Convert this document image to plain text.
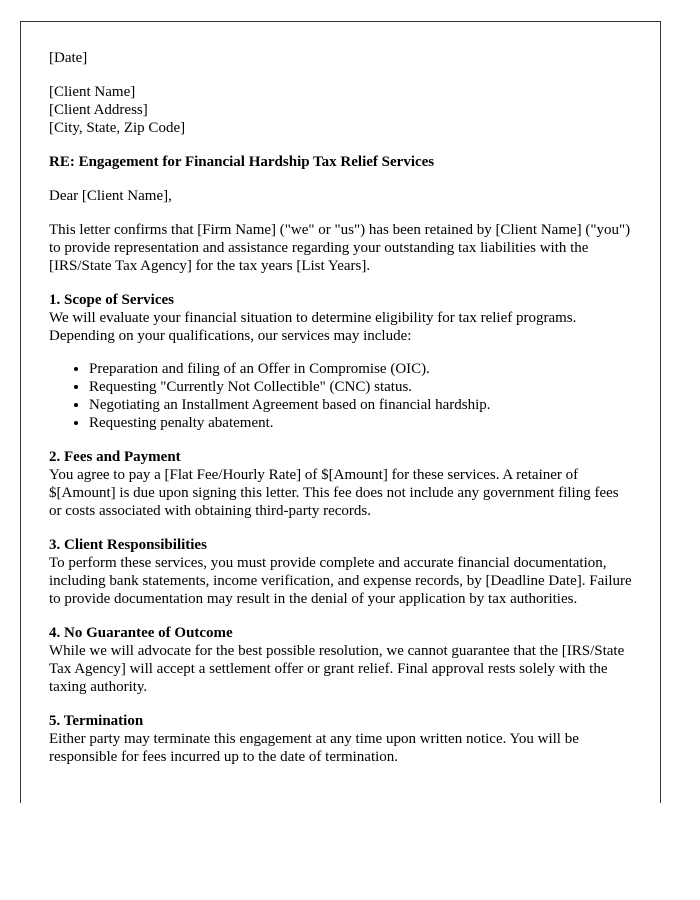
[Date]
[Client Name]
[Client Address]
[City, State, Zip Code]
RE: Engagement for Financial Hardship Tax Relief Services
Dear [Client Name],
This letter confirms that [Firm Name] ("we" or "us") has been retained by [Client Name] ("you") to provide representation and assistance regarding your outstanding tax liabilities with the [IRS/State Tax Agency] for the tax years [List Years].
1. Scope of Services

We will evaluate your financial situation to determine eligibility for tax relief programs. Depending on your qualifications, our services may include:

• Preparation and filing of an Offer in Compromise (OIC).
• Requesting "Currently Not Collectible" (CNC) status.
• Negotiating an Installment Agreement based on financial hardship.
• Requesting penalty abatement.
2. Fees and Payment

You agree to pay a [Flat Fee/Hourly Rate] of $[Amount] for these services. A retainer of $[Amount] is due upon signing this letter. This fee does not include any government filing fees or costs associated with obtaining third-party records.

3. Client Responsibilities

To perform these services, you must provide complete and accurate financial documentation, including bank statements, income verification, and expense records, by [Deadline Date]. Failure to provide documentation may result in the denial of your application by tax authorities.

4. No Guarantee of Outcome

While we will advocate for the best possible resolution, we cannot guarantee that the [IRS/State Tax Agency] will accept a settlement offer or grant relief. Final approval rests solely with the taxing authority.

5. Termination

Either party may terminate this engagement at any time upon written notice. You will be responsible for fees incurred up to the date of termination.
